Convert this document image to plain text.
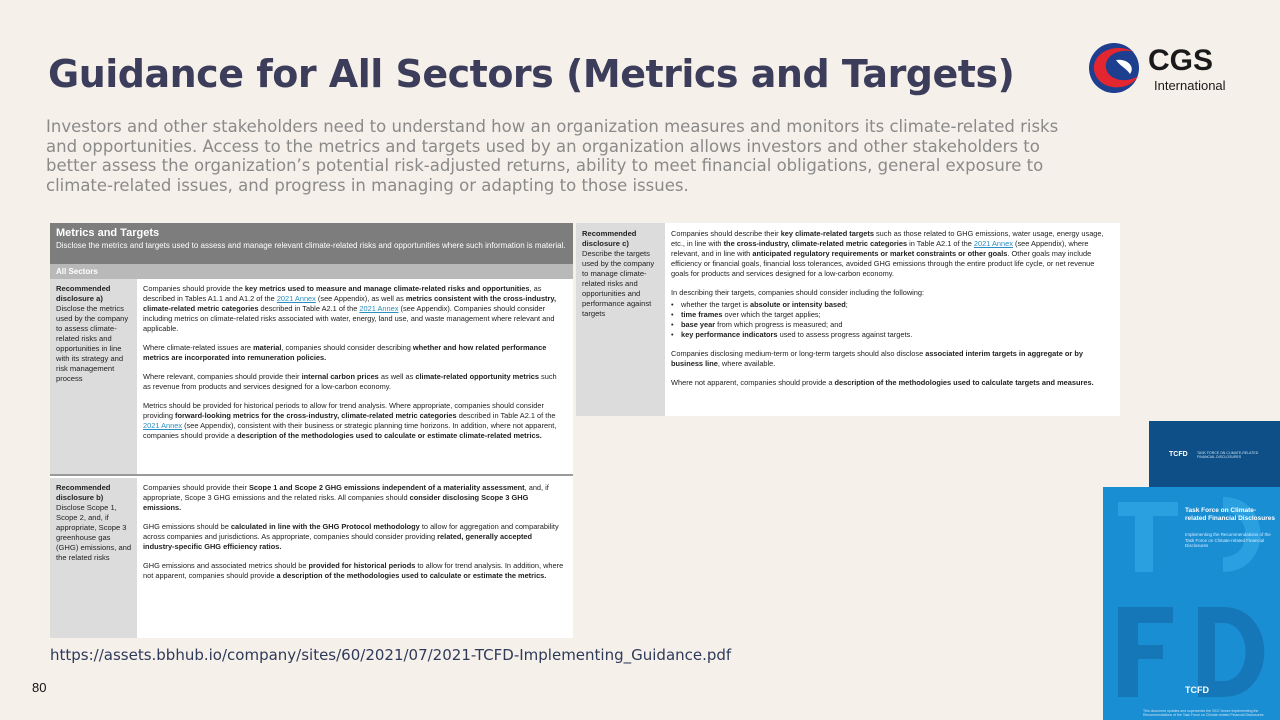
Guidance for All Sectors (Metrics and Targets)	CGS
International
Investors and other stakeholders need to understand how an organization measures and monitors its climate-related risks and opportunities. Access to the metrics and targets used by an organization allows investors and other stakeholders to better assess the organization’s potential risk-adjusted returns, ability to meet financial obligations, general exposure to climate-related issues, and progress in managing or adapting to those issues.
Metrics and Targets
Disclose the metrics and targets used to assess and manage relevant climate-related risks and opportunities where such information is material.
All Sectors
Recommended disclosure a)
Disclose the metrics used by the company to assess climate-related risks and opportunities in line with its strategy and risk management process

Companies should provide the key metrics used to measure and manage climate-related risks and opportunities, as described in Tables A1.1 and A1.2 of the 2021 Annex (see Appendix), as well as metrics consistent with the cross-industry, climate-related metric categories described in Table A2.1 of the 2021 Annex (see Appendix). Companies should consider including metrics on climate-related risks associated with water, energy, land use, and waste management where relevant and applicable.

Where climate-related issues are material, companies should consider describing whether and how related performance metrics are incorporated into remuneration policies.

Where relevant, companies should provide their internal carbon prices as well as climate-related opportunity metrics such as revenue from products and services designed for a low-carbon economy.

Metrics should be provided for historical periods to allow for trend analysis. Where appropriate, companies should consider providing forward-looking metrics for the cross-industry, climate-related metric categories described in Table A2.1 of the 2021 Annex (see Appendix), consistent with their business or strategic planning time horizons. In addition, where not apparent, companies should provide a description of the methodologies used to calculate or estimate climate-related metrics.

Recommended disclosure b)
Disclose Scope 1, Scope 2, and, if appropriate, Scope 3 greenhouse gas (GHG) emissions, and the related risks

Companies should provide their Scope 1 and Scope 2 GHG emissions independent of a materiality assessment, and, if appropriate, Scope 3 GHG emissions and the related risks. All companies should consider disclosing Scope 3 GHG emissions.

GHG emissions should be calculated in line with the GHG Protocol methodology to allow for aggregation and comparability across companies and jurisdictions. As appropriate, companies should consider providing related, generally accepted industry-specific GHG efficiency ratios.

GHG emissions and associated metrics should be provided for historical periods to allow for trend analysis. In addition, where not apparent, companies should provide a description of the methodologies used to calculate or estimate the metrics.

Recommended disclosure c)
Describe the targets used by the company to manage climate-related risks and opportunities and performance against targets

Companies should describe their key climate-related targets such as those related to GHG emissions, water usage, energy usage, etc., in line with the cross-industry, climate-related metric categories in Table A2.1 of the 2021 Annex (see Appendix), where relevant, and in line with anticipated regulatory requirements or market constraints or other goals. Other goals may include efficiency or financial goals, financial loss tolerances, avoided GHG emissions through the entire product life cycle, or net revenue goals for products and services designed for a low-carbon economy.

In describing their targets, companies should consider including the following:

• whether the target is absolute or intensity based;
• time frames over which the target applies;
• base year from which progress is measured; and
• key performance indicators used to assess progress against targets.

Companies disclosing medium-term or long-term targets should also disclose associated interim targets in aggregate or by business line, where available.

Where not apparent, companies should provide a description of the methodologies used to calculate targets and measures.

https://assets.bbhub.io/company/sites/60/2021/07/2021-TCFD-Implementing_Guidance.pdf
80
TCFD	TASK FORCE ON CLIMATE-RELATED FINANCIAL DISCLOSURES
Task Force on Climate-related Financial Disclosures
Implementing the Recommendations of the Task Force on Climate-related Financial Disclosures
TCFD
This document updates and supersedes the 2017 Annex Implementing the Recommendations of the Task Force on Climate-related Financial Disclosures
